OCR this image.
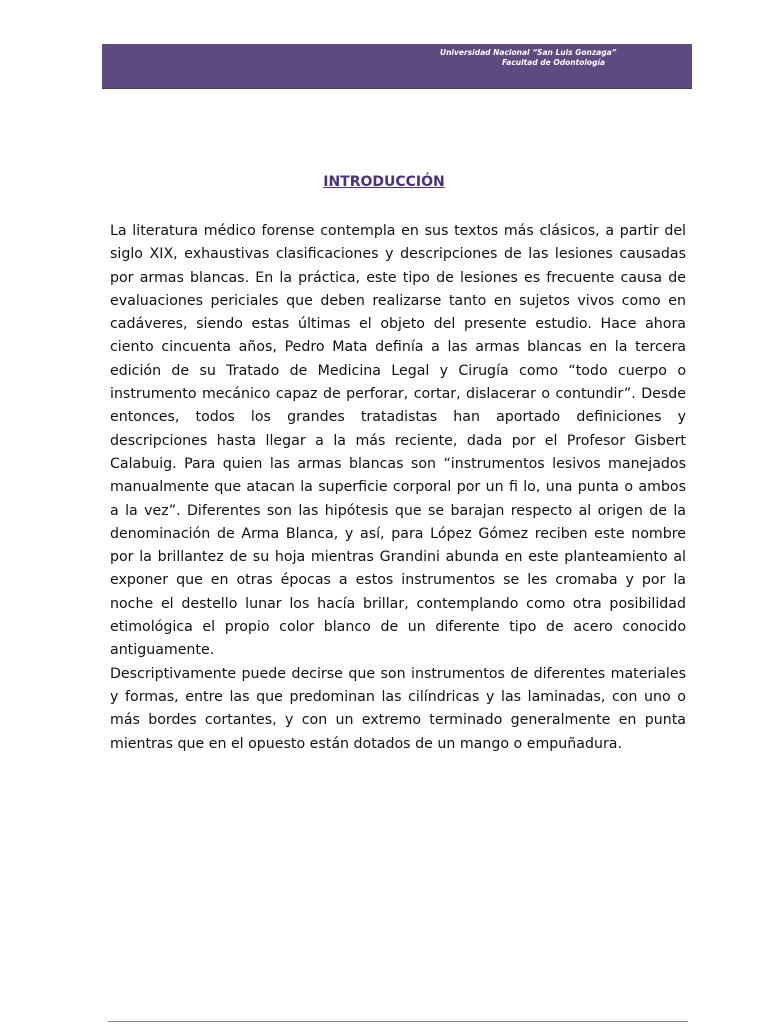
Universidad Nacional “San Luis Gonzaga”
Facultad de Odontología
INTRODUCCIÓN

La literatura médico forense contempla en sus textos más clásicos, a partir del siglo XIX, exhaustivas clasificaciones y descripciones de las lesiones causadas por armas blancas. En la práctica, este tipo de lesiones es frecuente causa de evaluaciones periciales que deben realizarse tanto en sujetos vivos como en cadáveres, siendo estas últimas el objeto del presente estudio. Hace ahora ciento cincuenta años, Pedro Mata definía a las armas blancas en la tercera edición de su Tratado de Medicina Legal y Cirugía como “todo cuerpo o instrumento mecánico capaz de perforar, cortar, dislacerar o contundir”. Desde entonces, todos los grandes tratadistas han aportado definiciones y descripciones hasta llegar a la más reciente, dada por el Profesor Gisbert Calabuig. Para quien las armas blancas son “instrumentos lesivos manejados manualmente que atacan la superficie corporal por un fi lo, una punta o ambos a la vez”. Diferentes son las hipótesis que se barajan respecto al origen de la denominación de Arma Blanca, y así, para López Gómez reciben este nombre por la brillantez de su hoja mientras Grandini abunda en este planteamiento al exponer que en otras épocas a estos instrumentos se les cromaba y por la noche el destello lunar los hacía brillar, contemplando como otra posibilidad etimológica el propio color blanco de un diferente tipo de acero conocido antiguamente.

Descriptivamente puede decirse que son instrumentos de diferentes materiales y formas, entre las que predominan las cilíndricas y las laminadas, con uno o más bordes cortantes, y con un extremo terminado generalmente en punta mientras que en el opuesto están dotados de un mango o empuñadura.
